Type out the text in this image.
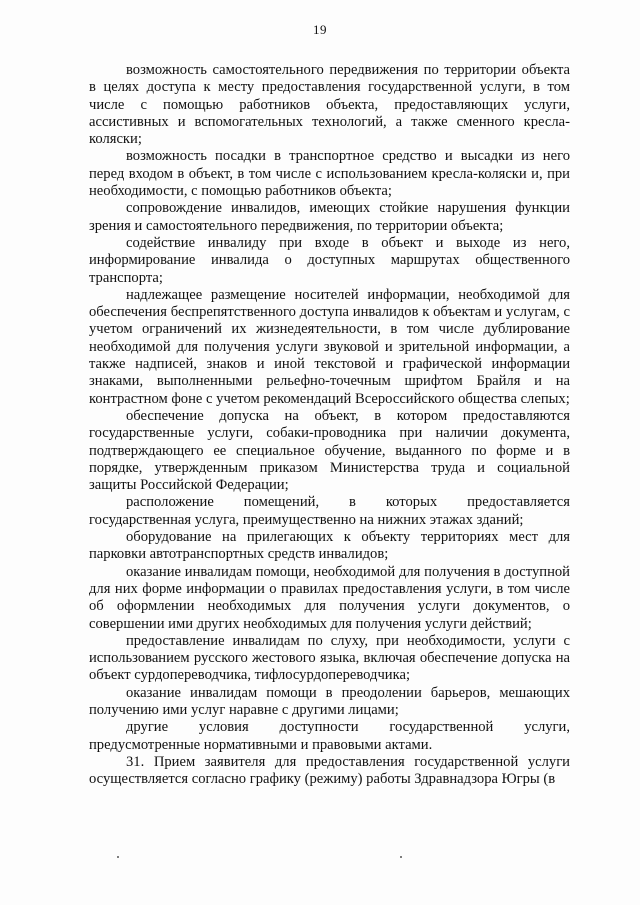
19

возможность самостоятельного передвижения по территории объекта в целях доступа к месту предоставления государственной услуги, в том числе с помощью работников объекта, предоставляющих услуги, ассистивных и вспомогательных технологий, а также сменного кресла-коляски;

возможность посадки в транспортное средство и высадки из него перед входом в объект, в том числе с использованием кресла-коляски и, при необходимости, с помощью работников объекта;

сопровождение инвалидов, имеющих стойкие нарушения функции зрения и самостоятельного передвижения, по территории объекта;

содействие инвалиду при входе в объект и выходе из него, информирование инвалида о доступных маршрутах общественного транспорта;

надлежащее размещение носителей информации, необходимой для обеспечения беспрепятственного доступа инвалидов к объектам и услугам, с учетом ограничений их жизнедеятельности, в том числе дублирование необходимой для получения услуги звуковой и зрительной информации, а также надписей, знаков и иной текстовой и графической информации знаками, выполненными рельефно-точечным шрифтом Брайля и на контрастном фоне с учетом рекомендаций Всероссийского общества слепых;

обеспечение допуска на объект, в котором предоставляются государственные услуги, собаки-проводника при наличии документа, подтверждающего ее специальное обучение, выданного по форме и в порядке, утвержденным приказом Министерства труда и социальной защиты Российской Федерации;

расположение помещений, в которых предоставляется государственная услуга, преимущественно на нижних этажах зданий;

оборудование на прилегающих к объекту территориях мест для парковки автотранспортных средств инвалидов;

оказание инвалидам помощи, необходимой для получения в доступной для них форме информации о правилах предоставления услуги, в том числе об оформлении необходимых для получения услуги документов, о совершении ими других необходимых для получения услуги действий;

предоставление инвалидам по слуху, при необходимости, услуги с использованием русского жестового языка, включая обеспечение допуска на объект сурдопереводчика, тифлосурдопереводчика;

оказание инвалидам помощи в преодолении барьеров, мешающих получению ими услуг наравне с другими лицами;

другие условия доступности государственной услуги, предусмотренные нормативными и правовыми актами.

31. Прием заявителя для предоставления государственной услуги осуществляется согласно графику (режиму) работы Здравнадзора Югры (в
